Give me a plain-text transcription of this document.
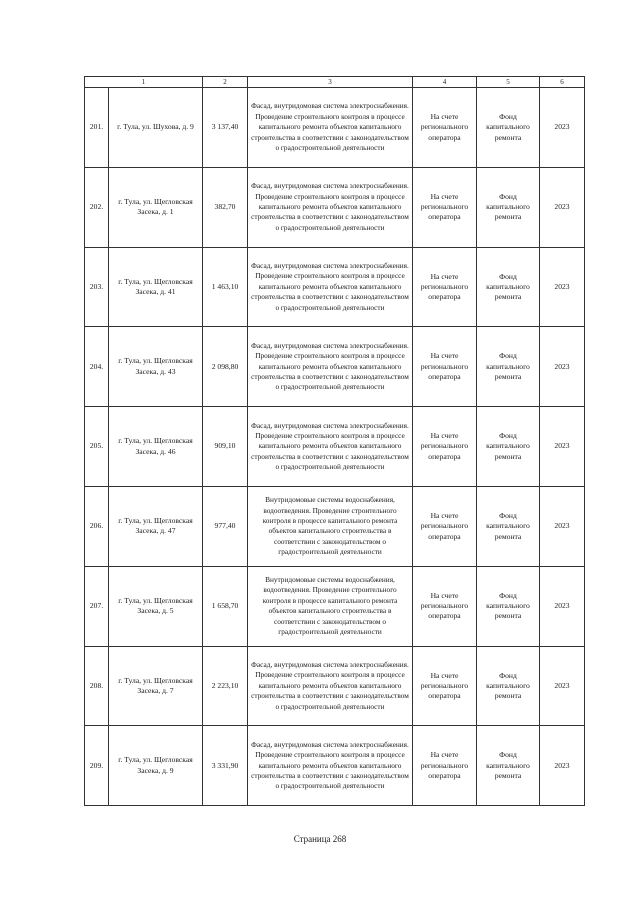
1		2	3	4	5	6
201.	г. Тула, ул. Шухова, д. 9	3 137,40	Фасад, внутридомовая система электроснабжения. Проведение строительного контроля в процессе капитального ремонта объектов капитального строительства в соответствии с законодательством о градостроительной деятельности	На счете регионального оператора	Фонд капитального ремонта	2023
202.	г. Тула, ул. Щегловская Засека, д. 1	382,70	Фасад, внутридомовая система электроснабжения. Проведение строительного контроля в процессе капитального ремонта объектов капитального строительства в соответствии с законодательством о градостроительной деятельности	На счете регионального оператора	Фонд капитального ремонта	2023
203.	г. Тула, ул. Щегловская Засека, д. 41	1 463,10	Фасад, внутридомовая система электроснабжения. Проведение строительного контроля в процессе капитального ремонта объектов капитального строительства в соответствии с законодательством о градостроительной деятельности	На счете регионального оператора	Фонд капитального ремонта	2023
204.	г. Тула, ул. Щегловская Засека, д. 43	2 098,80	Фасад, внутридомовая система электроснабжения. Проведение строительного контроля в процессе капитального ремонта объектов капитального строительства в соответствии с законодательством о градостроительной деятельности	На счете регионального оператора	Фонд капитального ремонта	2023
205.	г. Тула, ул. Щегловская Засека, д. 46	909,10	Фасад, внутридомовая система электроснабжения. Проведение строительного контроля в процессе капитального ремонта объектов капитального строительства в соответствии с законодательством о градостроительной деятельности	На счете регионального оператора	Фонд капитального ремонта	2023
206.	г. Тула, ул. Щегловская Засека, д. 47	977,40	Внутридомовые системы водоснабжения, водоотведения. Проведение строительного контроля в процессе капитального ремонта объектов капитального строительства в соответствии с законодательством о градостроительной деятельности	На счете регионального оператора	Фонд капитального ремонта	2023
207.	г. Тула, ул. Щегловская Засека, д. 5	1 658,70	Внутридомовые системы водоснабжения, водоотведения. Проведение строительного контроля в процессе капитального ремонта объектов капитального строительства в соответствии с законодательством о градостроительной деятельности	На счете регионального оператора	Фонд капитального ремонта	2023
208.	г. Тула, ул. Щегловская Засека, д. 7	2 223,10	Фасад, внутридомовая система электроснабжения. Проведение строительного контроля в процессе капитального ремонта объектов капитального строительства в соответствии с законодательством о градостроительной деятельности	На счете регионального оператора	Фонд капитального ремонта	2023
209.	г. Тула, ул. Щегловская Засека, д. 9	3 331,90	Фасад, внутридомовая система электроснабжения. Проведение строительного контроля в процессе капитального ремонта объектов капитального строительства в соответствии с законодательством о градостроительной деятельности	На счете регионального оператора	Фонд капитального ремонта	2023
Страница 268
